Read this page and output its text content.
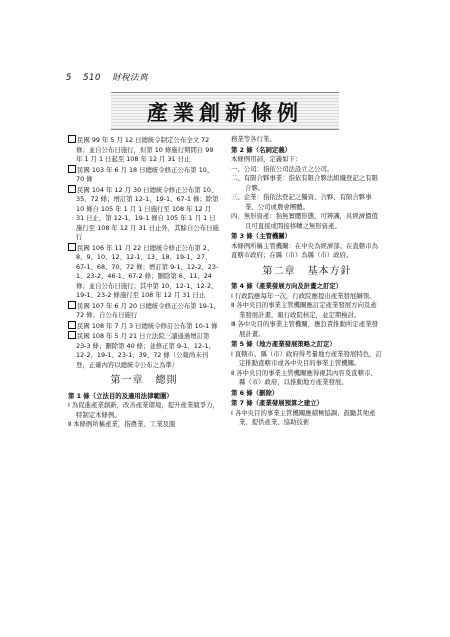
5 510 財稅法典
產業創新條例
民國 99 年 5 月 12 日總統令制定公布全文 72 條；並自公布日施行，但第 10 條施行期間自 99 年 1 月 1 日起至 108 年 12 月 31 日止
民國 103 年 6 月 18 日總統令修正公布第 10、70 條
民國 104 年 12 月 30 日總統令修正公布第 10、35、72 條；增訂第 12-1、19-1、67-1 條；除第 10 條自 105 年 1 月 1 日施行至 108 年 12 月 31 日止，第 12-1、19-1 條自 105 年 1 月 1 日施行至 108 年 12 月 31 日止外，其餘自公布日施行
民國 106 年 11 月 22 日總統令修正公布第 2、8、9、10、12、12-1、13、18、19-1、27、67-1、68、70、72 條；增訂第 9-1、12-2、23-1、23-2、46-1、67-2 條；刪除第 6、11、24 條；並自公布日施行；其中第 10、12-1、12-2、19-1、23-2 條施行至 108 年 12 月 31 日止
民國 107 年 6 月 20 日總統令修正公布第 19-1、72 條；自公布日施行
民國 108 年 7 月 3 日總統令修訂公布第 10-1 條
民國 108 年 5 月 21 日立法院三讀通過增訂第 23-3 條；刪除第 40 條；並修正第 9-1、12-1、12-2、19-1、23-1、39、72 條（公報尚未刊登，正確內容以總統令公布之為準）
第一章 總則
第 1 條（立法目的及適用法律範圍）
Ⅰ 為促進產業創新，改善產業環境，提升產業競爭力，特制定本條例。
Ⅱ 本條例所稱產業，指農業、工業及服
務業等各行業。
第 2 條（名詞定義）
本條例用詞，定義如下：
一、公司：指依公司法設立之公司。
二、有限合夥事業：指依有限合夥法組織登記之有限合夥。
三、企業：指依法登記之獨資、合夥、有限合夥事業、公司或農會團體。
四、無形資產：指無實體形態，可辨識，具經濟價值且可直接或間接移轉之無形資產。
第 3 條（主管機關）
本條例所稱主管機關：在中央為經濟部；在直轄市為直轄市政府；在縣（市）為縣（市）政府。
第二章 基本方針
第 4 條（產業發展方向及計畫之訂定）
Ⅰ 行政院應每年一次，行政院應提出產業發展綱領。
Ⅱ 各中央目的事業主管機關應訂定產業發展方向及產業發展計畫，報行政院核定，並定期檢討。
Ⅲ 各中央目的事業主管機關，應負責推動所定產業發展計畫。
第 5 條（地方產業發展策略之訂定）
Ⅰ 直轄市、縣（市）政府得考量地方產業發展特色，訂定推動直轄市或各中央目的事業主管機關。
Ⅱ 各中央目的事業主管機關應得視其內容及直轄市、縣（市）政府，以推動地方產業發展。
第 6 條（刪除）
第 7 條（產業發展預算之建立）
Ⅰ 各中央目的事業主管機關應積極協調、鼓勵其他產業，提供產業、協助技術
